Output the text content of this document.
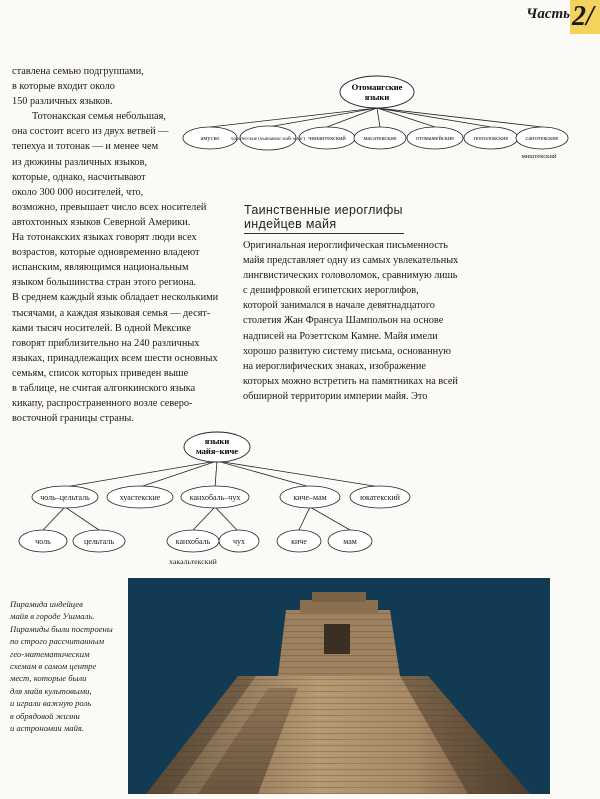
Часть 2/

ставлена семью подгруппами,

в которые входит около

150 различных языков.

Тотонакская семья небольшая,

она состоит всего из двух ветвей —

тепехуа и тотонак — и менее чем

из дюжины различных языков,

которые, однако, насчитывают

около 300 000 носителей, что,

возможно, превышает число всех носителей

автохтонных языков Северной Америки.

На тотонакских языках говорят люди всех

возрастов, которые одновременно владеют

испанским, являющимся национальным

языком большинства стран этого региона.

В среднем каждый язык обладает несколькими

тысячами, а каждая языковая семья — десят-

ками тысяч носителей. В одной Мексике

говорят приблизительно на 240 различных

языках, принадлежащих всем шести основных

семьям, список которых приведен выше

в таблице, не считая алгонкинского языка

кикапу, распространенного возле северо-

восточной границы страны.

Отомангские
языки
амуско чоротегские (чьяпанекс-кий–манг) чинантекский	масатекские	отомамейские	пополокские	сапотекские
миштекский
Таинственные иероглифы индейцев майя

Оригинальная иероглифическая письменность

майя представляет одну из самых увлекательных

лингвистических головоломок, сравнимую лишь

с дешифровкой египетских иероглифов,

которой занимался в начале девятнадцатого

столетия Жан Франсуа Шампольон на основе

надписей на Розеттском Камне. Майя имели

хорошо развитую систему письма, основанную

на иероглифических знаках, изображение

которых можно встретить на памятниках на всей

обширной территории империи майя. Это

языки
майя–киче
чоль–цельталь	хуастекские	канхобаль–чух	киче–мам	юкатекский
чоль	цельталь	канхобаль	чух	киче	мам
хакальтекский
Пирамида индейцев
майя в городе Ушмаль.
Пирамиды были построены
по строго рассчитанным
гео-математическим
схемам в самом центре
мест, которые были
для майя культовыми,
и играли важную роль
в обрядовой жизни
и астрономии майя.
